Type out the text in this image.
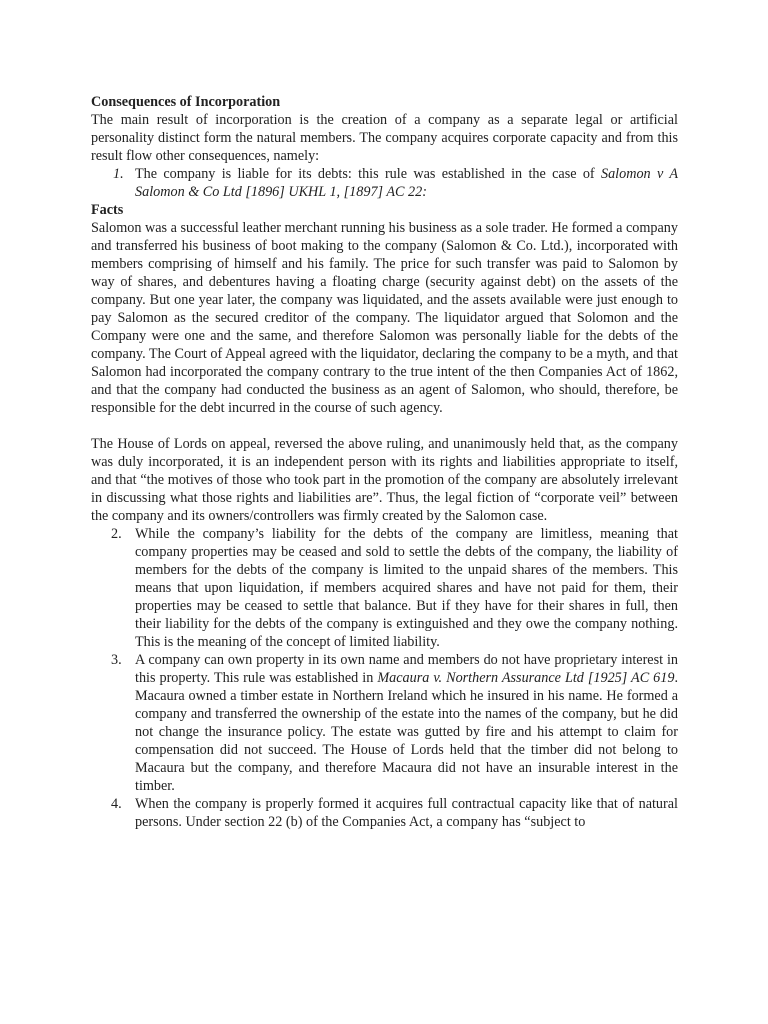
Consequences of Incorporation

The main result of incorporation is the creation of a company as a separate legal or artificial personality distinct form the natural members. The company acquires corporate capacity and from this result flow other consequences, namely:

1. The company is liable for its debts: this rule was established in the case of Salomon v A Salomon & Co Ltd [1896] UKHL 1, [1897] AC 22:

Facts

Salomon was a successful leather merchant running his business as a sole trader. He formed a company and transferred his business of boot making to the company (Salomon & Co. Ltd.), incorporated with members comprising of himself and his family. The price for such transfer was paid to Salomon by way of shares, and debentures having a floating charge (security against debt) on the assets of the company. But one year later, the company was liquidated, and the assets available were just enough to pay Salomon as the secured creditor of the company. The liquidator argued that Solomon and the Company were one and the same, and therefore Salomon was personally liable for the debts of the company. The Court of Appeal agreed with the liquidator, declaring the company to be a myth, and that Salomon had incorporated the company contrary to the true intent of the then Companies Act of 1862, and that the company had conducted the business as an agent of Salomon, who should, therefore, be responsible for the debt incurred in the course of such agency.

The House of Lords on appeal, reversed the above ruling, and unanimously held that, as the company was duly incorporated, it is an independent person with its rights and liabilities appropriate to itself, and that “the motives of those who took part in the promotion of the company are absolutely irrelevant in discussing what those rights and liabilities are”. Thus, the legal fiction of “corporate veil” between the company and its owners/controllers was firmly created by the Salomon case.

2. While the company’s liability for the debts of the company are limitless, meaning that company properties may be ceased and sold to settle the debts of the company, the liability of members for the debts of the company is limited to the unpaid shares of the members. This means that upon liquidation, if members acquired shares and have not paid for them, their properties may be ceased to settle that balance. But if they have for their shares in full, then their liability for the debts of the company is extinguished and they owe the company nothing. This is the meaning of the concept of limited liability.

3. A company can own property in its own name and members do not have proprietary interest in this property. This rule was established in Macaura v. Northern Assurance Ltd [1925] AC 619. Macaura owned a timber estate in Northern Ireland which he insured in his name. He formed a company and transferred the ownership of the estate into the names of the company, but he did not change the insurance policy. The estate was gutted by fire and his attempt to claim for compensation did not succeed. The House of Lords held that the timber did not belong to Macaura but the company, and therefore Macaura did not have an insurable interest in the timber.

4. When the company is properly formed it acquires full contractual capacity like that of natural persons. Under section 22 (b) of the Companies Act, a company has “subject to
